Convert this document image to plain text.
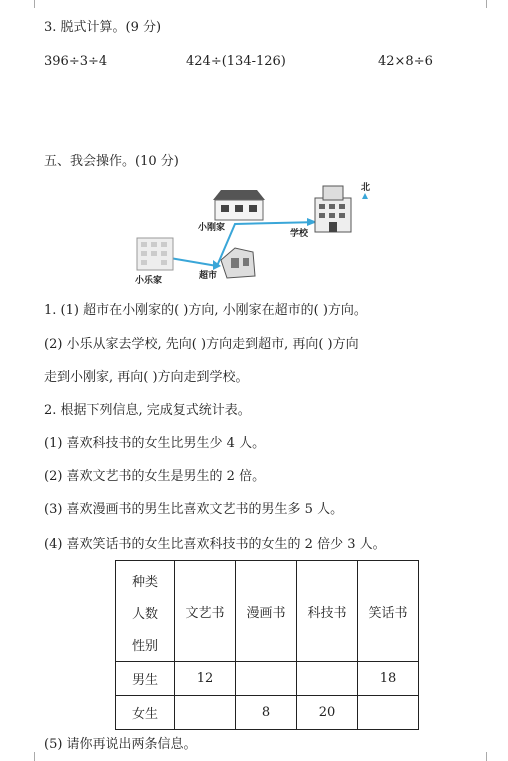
3. 脱式计算。(9 分)
396÷3÷4	424÷(134-126)	42×8÷6
五、我会操作。(10 分)
小乐家
小刚家
超市
学校
北
1. (1) 超市在小刚家的( )方向, 小刚家在超市的( )方向。
(2) 小乐从家去学校, 先向( )方向走到超市, 再向( )方向
走到小刚家, 再向( )方向走到学校。
2. 根据下列信息, 完成复式统计表。
(1) 喜欢科技书的女生比男生少 4 人。
(2) 喜欢文艺书的女生是男生的 2 倍。
(3) 喜欢漫画书的男生比喜欢文艺书的男生多 5 人。
(4) 喜欢笑话书的女生比喜欢科技书的女生的 2 倍少 3 人。
种类
人数
性别	文艺书	漫画书	科技书	笑话书
男生	12			18
女生		8	20	
(5) 请你再说出两条信息。
